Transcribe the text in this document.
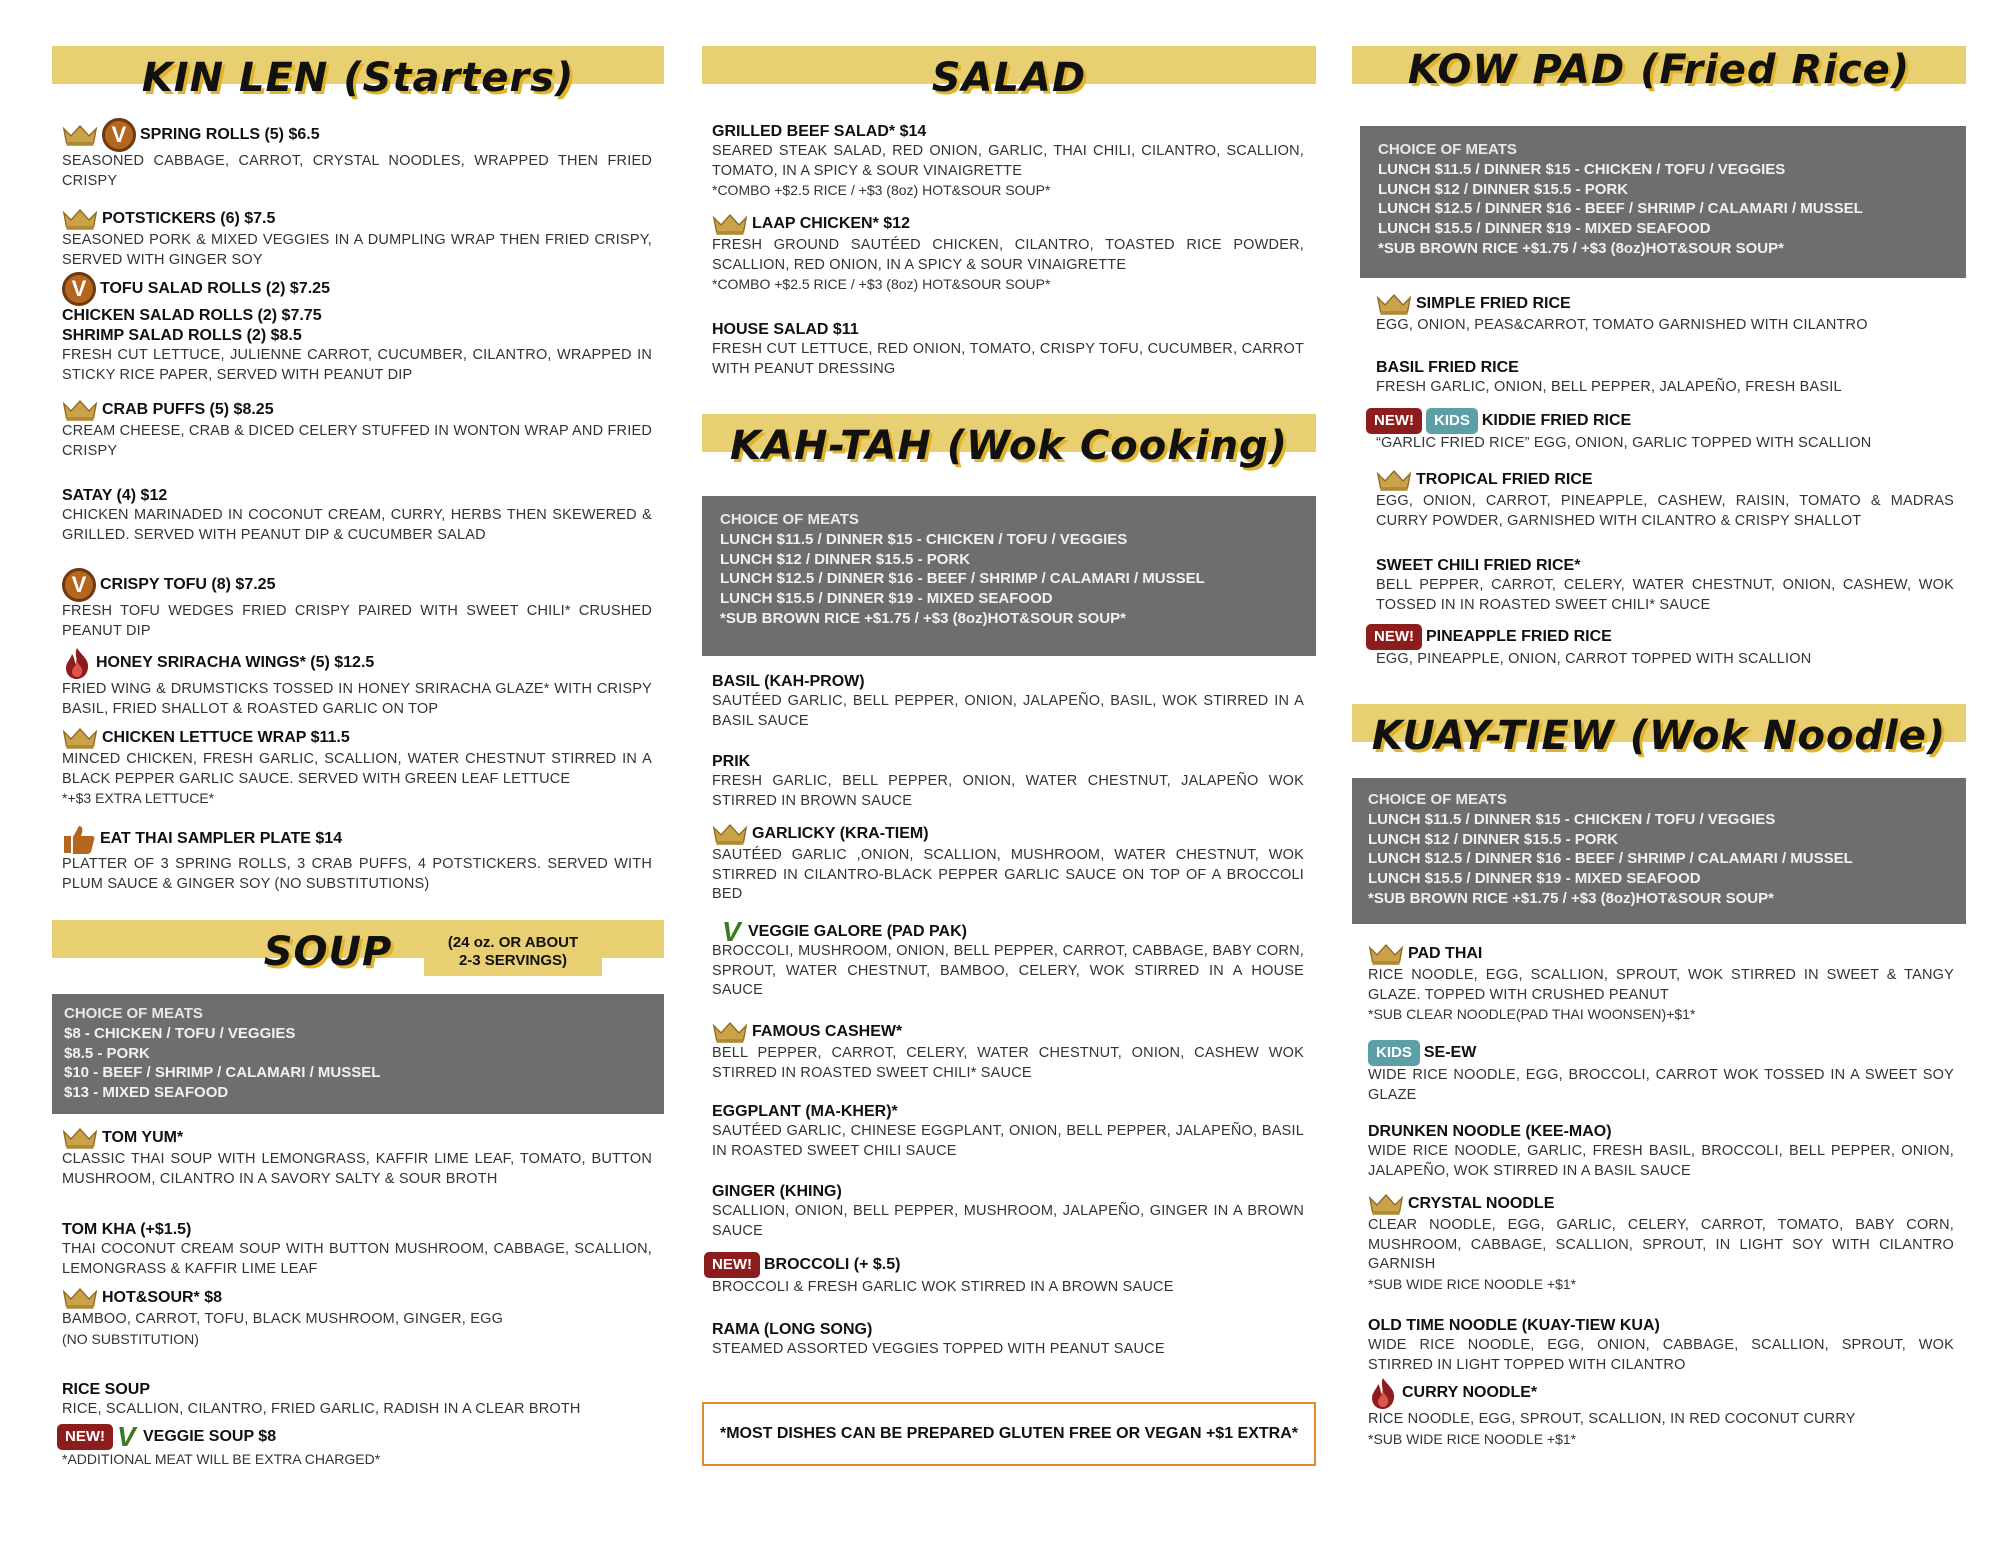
KIN LEN (Starters)
V SPRING ROLLS (5) $6.5
SEASONED CABBAGE, CARROT, CRYSTAL NOODLES, WRAPPED THEN FRIED CRISPY
POTSTICKERS (6) $7.5
SEASONED PORK & MIXED VEGGIES IN A DUMPLING WRAP THEN FRIED CRISPY, SERVED WITH GINGER SOY
V TOFU SALAD ROLLS (2) $7.25
CHICKEN SALAD ROLLS (2) $7.75
SHRIMP SALAD ROLLS (2) $8.5
FRESH CUT LETTUCE, JULIENNE CARROT, CUCUMBER, CILANTRO, WRAPPED IN STICKY RICE PAPER, SERVED WITH PEANUT DIP
CRAB PUFFS (5) $8.25
CREAM CHEESE, CRAB & DICED CELERY STUFFED IN WONTON WRAP AND FRIED CRISPY
SATAY (4) $12
CHICKEN MARINADED IN COCONUT CREAM, CURRY, HERBS THEN SKEWERED & GRILLED. SERVED WITH PEANUT DIP & CUCUMBER SALAD
V CRISPY TOFU (8) $7.25
FRESH TOFU WEDGES FRIED CRISPY PAIRED WITH SWEET CHILI* CRUSHED PEANUT DIP
HONEY SRIRACHA WINGS* (5) $12.5
FRIED WING & DRUMSTICKS TOSSED IN HONEY SRIRACHA GLAZE* WITH CRISPY BASIL, FRIED SHALLOT & ROASTED GARLIC ON TOP
CHICKEN LETTUCE WRAP $11.5
MINCED CHICKEN, FRESH GARLIC, SCALLION, WATER CHESTNUT STIRRED IN A BLACK PEPPER GARLIC SAUCE. SERVED WITH GREEN LEAF LETTUCE
*+$3 EXTRA LETTUCE*
EAT THAI SAMPLER PLATE $14
PLATTER OF 3 SPRING ROLLS, 3 CRAB PUFFS, 4 POTSTICKERS. SERVED WITH PLUM SAUCE & GINGER SOY (NO SUBSTITUTIONS)
SOUP	(24 oz. OR ABOUT
2-3 SERVINGS)
CHOICE OF MEATS
$8 - CHICKEN / TOFU / VEGGIES
$8.5 - PORK
$10 - BEEF / SHRIMP / CALAMARI / MUSSEL
$13 - MIXED SEAFOOD
TOM YUM*
CLASSIC THAI SOUP WITH LEMONGRASS, KAFFIR LIME LEAF, TOMATO, BUTTON MUSHROOM, CILANTRO IN A SAVORY SALTY & SOUR BROTH
TOM KHA (+$1.5)
THAI COCONUT CREAM SOUP WITH BUTTON MUSHROOM, CABBAGE, SCALLION, LEMONGRASS & KAFFIR LIME LEAF
HOT&SOUR* $8
BAMBOO, CARROT, TOFU, BLACK MUSHROOM, GINGER, EGG
(NO SUBSTITUTION)
RICE SOUP
RICE, SCALLION, CILANTRO, FRIED GARLIC, RADISH IN A CLEAR BROTH
NEW! V VEGGIE SOUP $8
*ADDITIONAL MEAT WILL BE EXTRA CHARGED*
SALAD
GRILLED BEEF SALAD* $14
SEARED STEAK SALAD, RED ONION, GARLIC, THAI CHILI, CILANTRO, SCALLION, TOMATO, IN A SPICY & SOUR VINAIGRETTE
*COMBO +$2.5 RICE / +$3 (8oz) HOT&SOUR SOUP*
LAAP CHICKEN* $12
FRESH GROUND SAUTÉED CHICKEN, CILANTRO, TOASTED RICE POWDER, SCALLION, RED ONION, IN A SPICY & SOUR VINAIGRETTE
*COMBO +$2.5 RICE / +$3 (8oz) HOT&SOUR SOUP*
HOUSE SALAD $11
FRESH CUT LETTUCE, RED ONION, TOMATO, CRISPY TOFU, CUCUMBER, CARROT WITH PEANUT DRESSING
KAH-TAH (Wok Cooking)
CHOICE OF MEATS
LUNCH $11.5 / DINNER $15 - CHICKEN / TOFU / VEGGIES
LUNCH $12 / DINNER $15.5 - PORK
LUNCH $12.5 / DINNER $16 - BEEF / SHRIMP / CALAMARI / MUSSEL
LUNCH $15.5 / DINNER $19 - MIXED SEAFOOD
*SUB BROWN RICE +$1.75 / +$3 (8oz)HOT&SOUR SOUP*
BASIL (KAH-PROW)
SAUTÉED GARLIC, BELL PEPPER, ONION, JALAPEÑO, BASIL, WOK STIRRED IN A BASIL SAUCE
PRIK
FRESH GARLIC, BELL PEPPER, ONION, WATER CHESTNUT, JALAPEÑO WOK STIRRED IN BROWN SAUCE
GARLICKY (KRA-TIEM)
SAUTÉED GARLIC ,ONION, SCALLION, MUSHROOM, WATER CHESTNUT, WOK STIRRED IN CILANTRO-BLACK PEPPER GARLIC SAUCE ON TOP OF A BROCCOLI BED
V VEGGIE GALORE (PAD PAK)
BROCCOLI, MUSHROOM, ONION, BELL PEPPER, CARROT, CABBAGE, BABY CORN, SPROUT, WATER CHESTNUT, BAMBOO, CELERY, WOK STIRRED IN A HOUSE SAUCE
FAMOUS CASHEW*
BELL PEPPER, CARROT, CELERY, WATER CHESTNUT, ONION, CASHEW WOK STIRRED IN ROASTED SWEET CHILI* SAUCE
EGGPLANT (MA-KHER)*
SAUTÉED GARLIC, CHINESE EGGPLANT, ONION, BELL PEPPER, JALAPEÑO, BASIL IN ROASTED SWEET CHILI SAUCE
GINGER (KHING)
SCALLION, ONION, BELL PEPPER, MUSHROOM, JALAPEÑO, GINGER IN A BROWN SAUCE
NEW! BROCCOLI (+ $.5)
BROCCOLI & FRESH GARLIC WOK STIRRED IN A BROWN SAUCE
RAMA (LONG SONG)
STEAMED ASSORTED VEGGIES TOPPED WITH PEANUT SAUCE
*MOST DISHES CAN BE PREPARED GLUTEN FREE OR VEGAN +$1 EXTRA*
KOW PAD (Fried Rice)
CHOICE OF MEATS
LUNCH $11.5 / DINNER $15 - CHICKEN / TOFU / VEGGIES
LUNCH $12 / DINNER $15.5 - PORK
LUNCH $12.5 / DINNER $16 - BEEF / SHRIMP / CALAMARI / MUSSEL
LUNCH $15.5 / DINNER $19 - MIXED SEAFOOD
*SUB BROWN RICE +$1.75 / +$3 (8oz)HOT&SOUR SOUP*
SIMPLE FRIED RICE
EGG, ONION, PEAS&CARROT, TOMATO GARNISHED WITH CILANTRO
BASIL FRIED RICE
FRESH GARLIC, ONION, BELL PEPPER, JALAPEÑO, FRESH BASIL
NEW!	KIDS KIDDIE FRIED RICE
“GARLIC FRIED RICE” EGG, ONION, GARLIC TOPPED WITH SCALLION
TROPICAL FRIED RICE
EGG, ONION, CARROT, PINEAPPLE, CASHEW, RAISIN, TOMATO & MADRAS CURRY POWDER, GARNISHED WITH CILANTRO & CRISPY SHALLOT
SWEET CHILI FRIED RICE*
BELL PEPPER, CARROT, CELERY, WATER CHESTNUT, ONION, CASHEW, WOK TOSSED IN IN ROASTED SWEET CHILI* SAUCE
NEW! PINEAPPLE FRIED RICE
EGG, PINEAPPLE, ONION, CARROT TOPPED WITH SCALLION
KUAY-TIEW (Wok Noodle)
CHOICE OF MEATS
LUNCH $11.5 / DINNER $15 - CHICKEN / TOFU / VEGGIES
LUNCH $12 / DINNER $15.5 - PORK
LUNCH $12.5 / DINNER $16 - BEEF / SHRIMP / CALAMARI / MUSSEL
LUNCH $15.5 / DINNER $19 - MIXED SEAFOOD
*SUB BROWN RICE +$1.75 / +$3 (8oz)HOT&SOUR SOUP*
PAD THAI
RICE NOODLE, EGG, SCALLION, SPROUT, WOK STIRRED IN SWEET & TANGY GLAZE. TOPPED WITH CRUSHED PEANUT
*SUB CLEAR NOODLE(PAD THAI WOONSEN)+$1*
KIDS SE-EW
WIDE RICE NOODLE, EGG, BROCCOLI, CARROT WOK TOSSED IN A SWEET SOY GLAZE
DRUNKEN NOODLE (KEE-MAO)
WIDE RICE NOODLE, GARLIC, FRESH BASIL, BROCCOLI, BELL PEPPER, ONION, JALAPEÑO, WOK STIRRED IN A BASIL SAUCE
CRYSTAL NOODLE
CLEAR NOODLE, EGG, GARLIC, CELERY, CARROT, TOMATO, BABY CORN, MUSHROOM, CABBAGE, SCALLION, SPROUT, IN LIGHT SOY WITH CILANTRO GARNISH
*SUB WIDE RICE NOODLE +$1*
OLD TIME NOODLE (KUAY-TIEW KUA)
WIDE RICE NOODLE, EGG, ONION, CABBAGE, SCALLION, SPROUT, WOK STIRRED IN LIGHT TOPPED WITH CILANTRO
CURRY NOODLE*
RICE NOODLE, EGG, SPROUT, SCALLION, IN RED COCONUT CURRY
*SUB WIDE RICE NOODLE +$1*
